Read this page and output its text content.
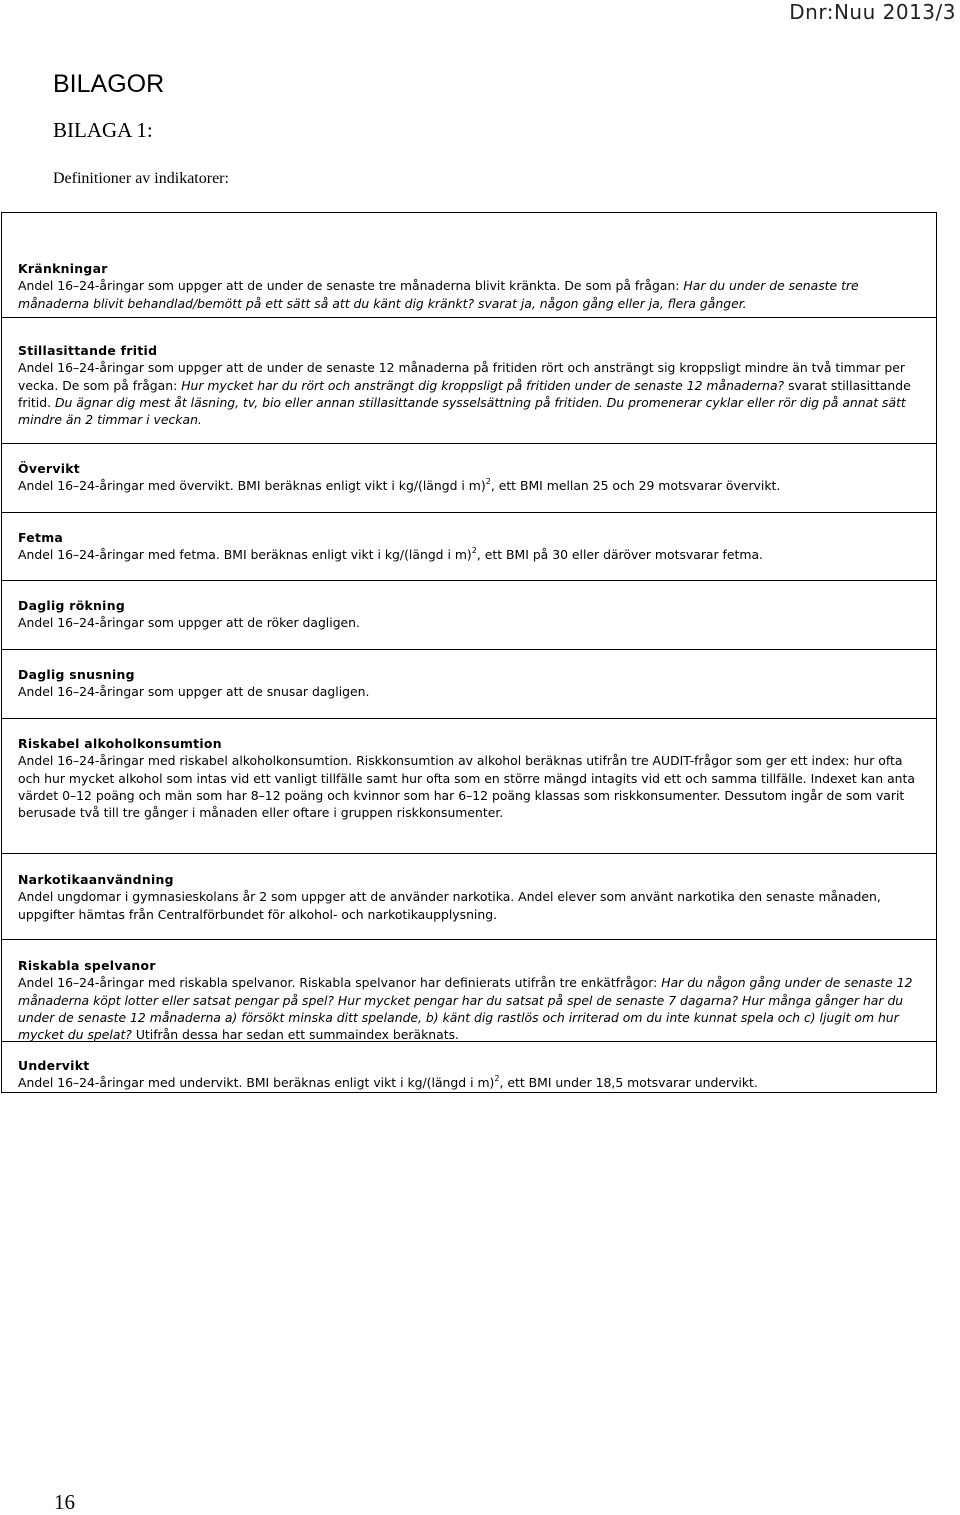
Dnr:Nuu 2013/3
BILAGOR
BILAGA 1:
Definitioner av indikatorer:
Kränkningar
Andel 16–24-åringar som uppger att de under de senaste tre månaderna blivit kränkta. De som på frågan: Har du under de senaste tre månaderna blivit behandlad/bemött på ett sätt så att du känt dig kränkt? svarat ja, någon gång eller ja, flera gånger.
Stillasittande fritid
Andel 16–24-åringar som uppger att de under de senaste 12 månaderna på fritiden rört och ansträngt sig kroppsligt mindre än två timmar per vecka. De som på frågan: Hur mycket har du rört och ansträngt dig kroppsligt på fritiden under de senaste 12 månaderna? svarat stillasittande fritid. Du ägnar dig mest åt läsning, tv, bio eller annan stillasittande sysselsättning på fritiden. Du promenerar cyklar eller rör dig på annat sätt mindre än 2 timmar i veckan.
Övervikt
Andel 16–24-åringar med övervikt. BMI beräknas enligt vikt i kg/(längd i m)$^2$, ett BMI mellan 25 och 29 motsvarar övervikt.
Fetma
Andel 16–24-åringar med fetma. BMI beräknas enligt vikt i kg/(längd i m)$^2$, ett BMI på 30 eller däröver motsvarar fetma.
Daglig rökning
Andel 16–24-åringar som uppger att de röker dagligen.
Daglig snusning
Andel 16–24-åringar som uppger att de snusar dagligen.
Riskabel alkoholkonsumtion
Andel 16–24-åringar med riskabel alkoholkonsumtion. Riskkonsumtion av alkohol beräknas utifrån tre AUDIT-frågor som ger ett index: hur ofta och hur mycket alkohol som intas vid ett vanligt tillfälle samt hur ofta som en större mängd intagits vid ett och samma tillfälle. Indexet kan anta värdet 0–12 poäng och män som har 8–12 poäng och kvinnor som har 6–12 poäng klassas som riskkonsumenter. Dessutom ingår de som varit berusade två till tre gånger i månaden eller oftare i gruppen riskkonsumenter.
Narkotikaanvändning
Andel ungdomar i gymnasieskolans år 2 som uppger att de använder narkotika. Andel elever som använt narkotika den senaste månaden, uppgifter hämtas från Centralförbundet för alkohol- och narkotikaupplysning.
Riskabla spelvanor
Andel 16–24-åringar med riskabla spelvanor. Riskabla spelvanor har definierats utifrån tre enkätfrågor: Har du någon gång under de senaste 12 månaderna köpt lotter eller satsat pengar på spel? Hur mycket pengar har du satsat på spel de senaste 7 dagarna? Hur många gånger har du under de senaste 12 månaderna a) försökt minska ditt spelande, b) känt dig rastlös och irriterad om du inte kunnat spela och c) ljugit om hur mycket du spelat? Utifrån dessa har sedan ett summaindex beräknats.
Undervikt
Andel 16–24-åringar med undervikt. BMI beräknas enligt vikt i kg/(längd i m)$^2$, ett BMI under 18,5 motsvarar undervikt.
16
